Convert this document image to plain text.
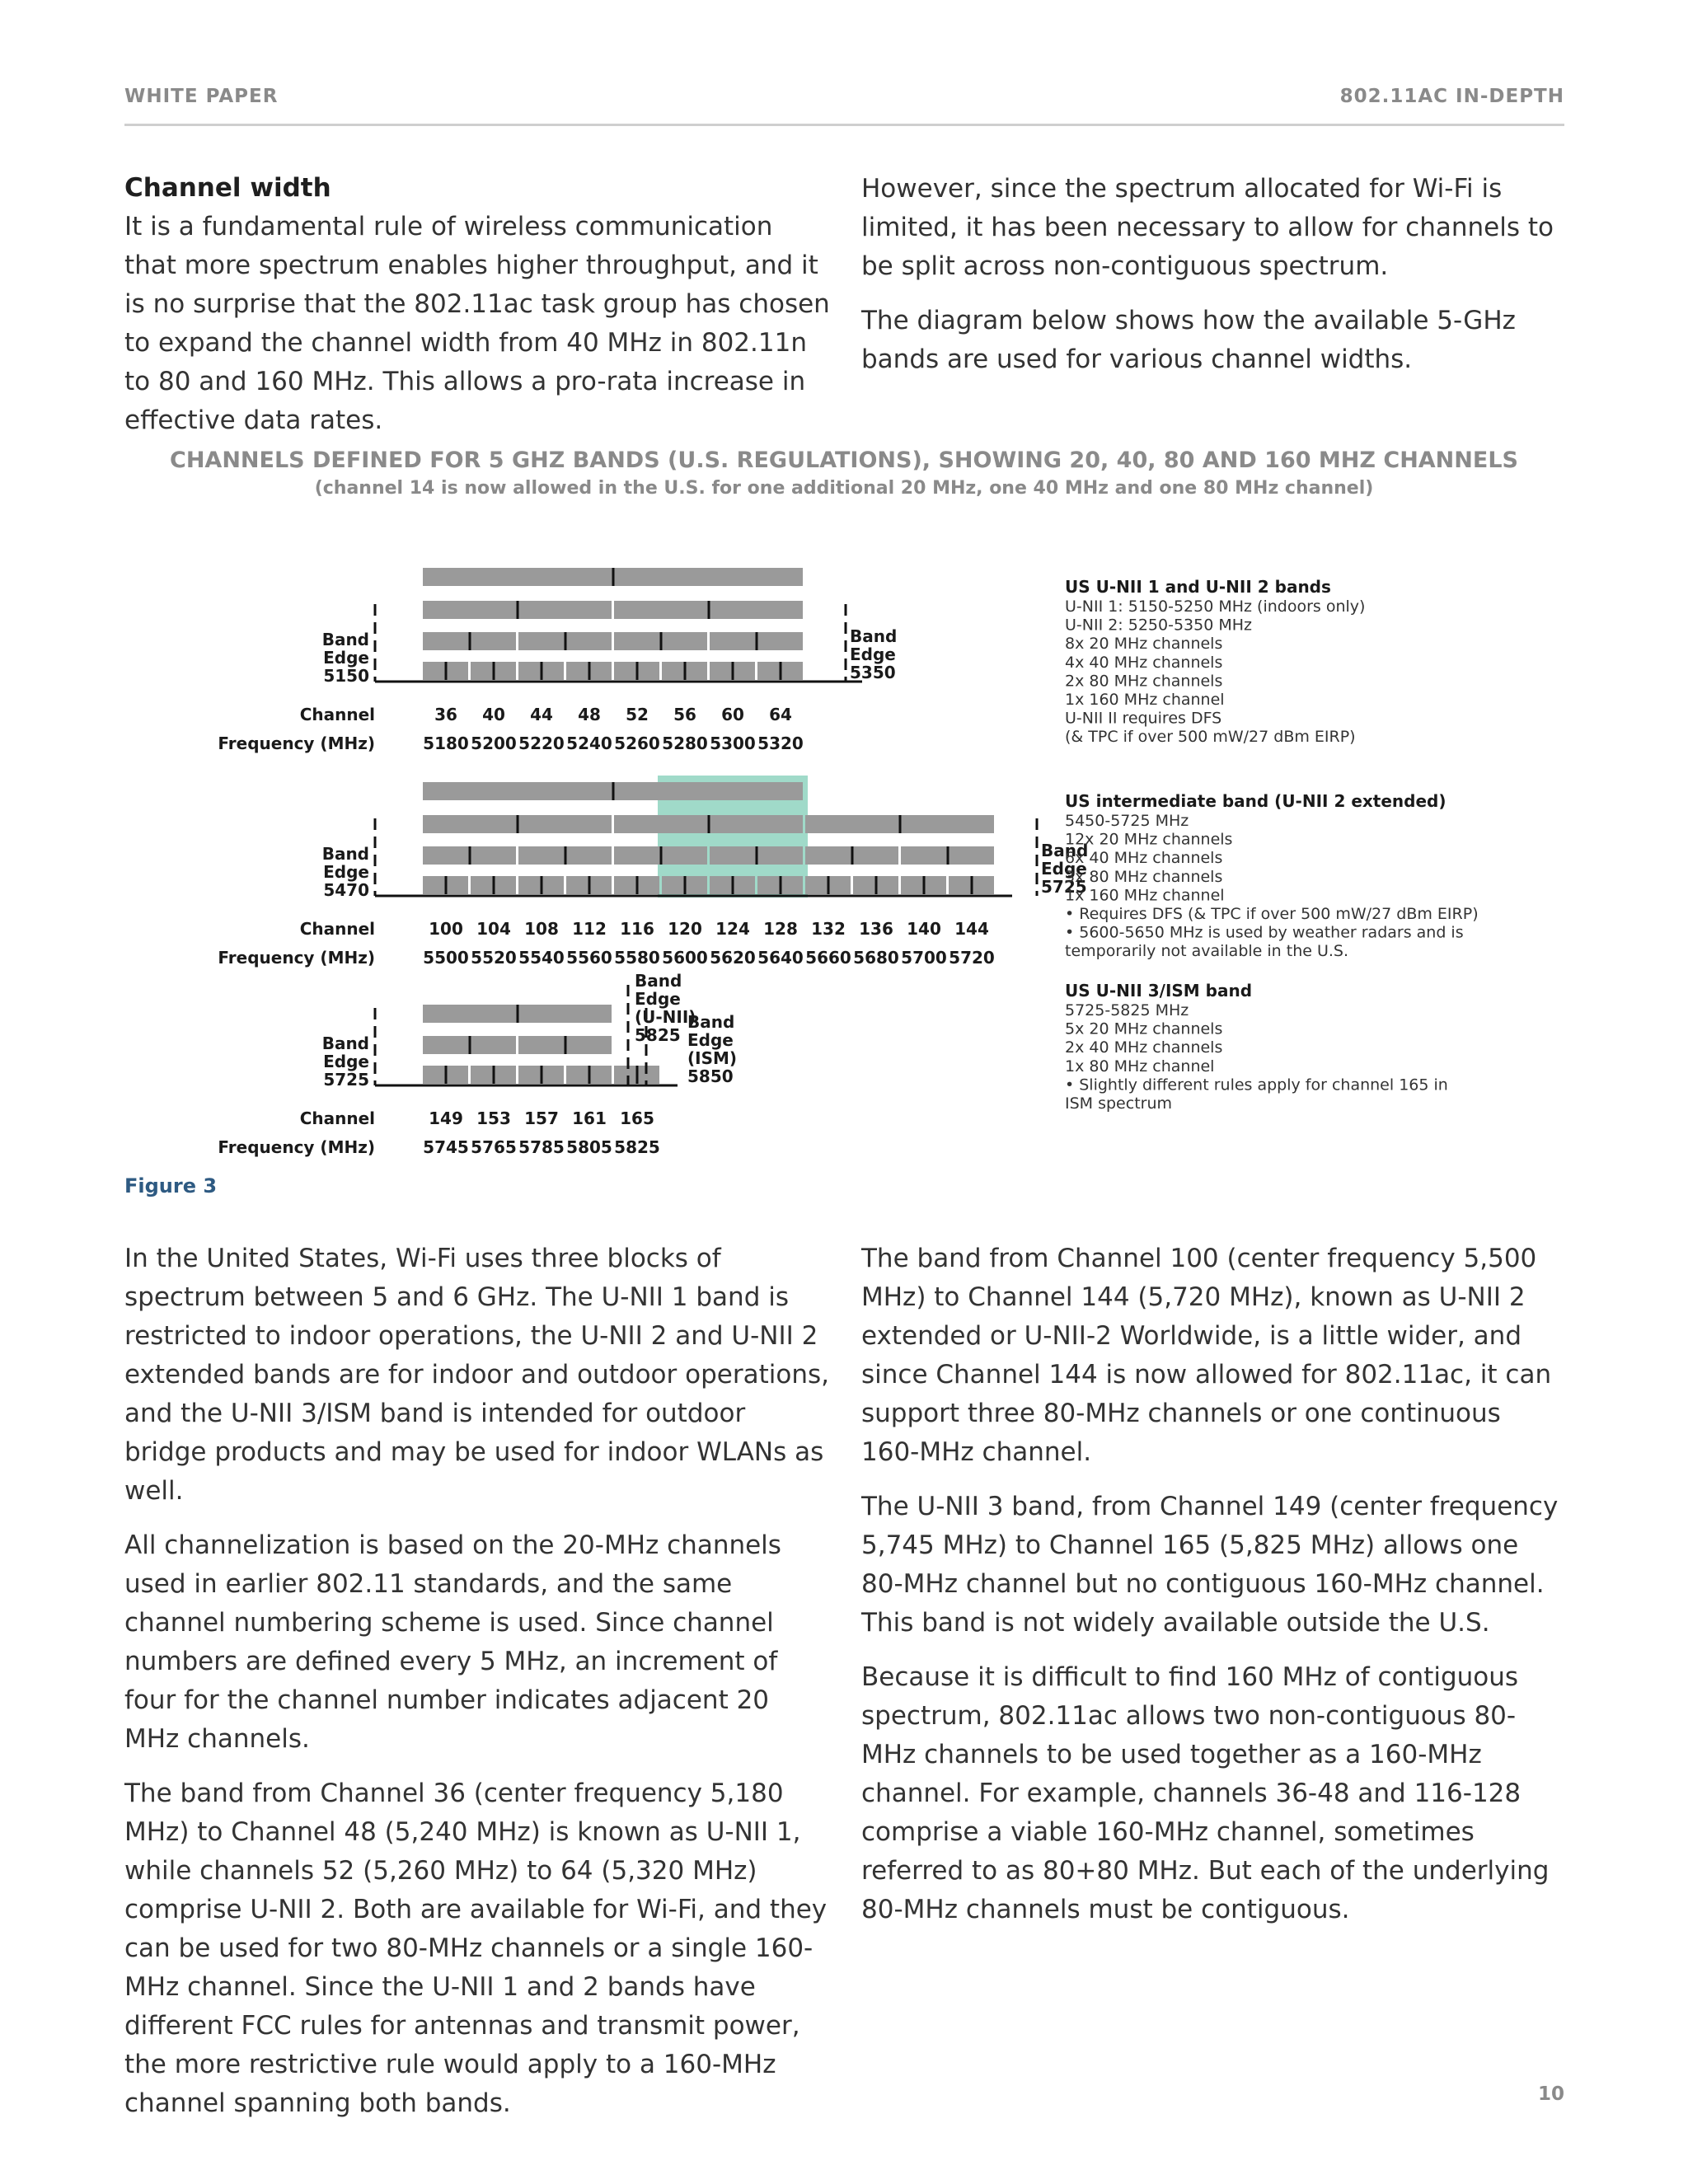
WHITE PAPER	802.11AC IN-DEPTH
Channel width

It is a fundamental rule of wireless communication that more spectrum enables higher throughput, and it is no surprise that the 802.11ac task group has chosen to expand the channel width from 40 MHz in 802.11n to 80 and 160 MHz. This allows a pro-rata increase in effective data rates.

However, since the spectrum allocated for Wi-Fi is limited, it has been necessary to allow for channels to be split across non-contiguous spectrum.

The diagram below shows how the available 5-GHz bands are used for various channel widths.

CHANNELS DEFINED FOR 5 GHZ BANDS (U.S. REGULATIONS), SHOWING 20, 40, 80 AND 160 MHZ CHANNELS
(channel 14 is now allowed in the U.S. for one additional 20 MHz, one 40 MHz and one 80 MHz channel)
Band
Edge
5150
Band
Edge
5350
Channel
Frequency (MHz)
36 40 44 48 52 56 60 64
5180 5200 5220 5240 5260 5280 5300 5320
US U-NII 1 and U-NII 2 bands
U-NII 1: 5150-5250 MHz (indoors only)
U-NII 2: 5250-5350 MHz
8x 20 MHz channels
4x 40 MHz channels
2x 80 MHz channels
1x 160 MHz channel
U-NII II requires DFS
(& TPC if over 500 mW/27 dBm EIRP)
Band
Edge
5470
Band
Edge
5725
Channel
Frequency (MHz)
100 104 108 112 116 120 124 128 132 136 140 144
5500 5520 5540 5560 5580 5600 5620 5640 5660 5680 5700 5720
US intermediate band (U-NII 2 extended)
5450-5725 MHz
12x 20 MHz channels
6x 40 MHz channels
3x 80 MHz channels
1x 160 MHz channel
• Requires DFS (& TPC if over 500 mW/27 dBm EIRP)
• 5600-5650 MHz is used by weather radars and is
temporarily not available in the U.S.
Band
Edge
5725
Band
Edge
(ISM)
5850
Band
Edge
(U-NII)
5825
Channel
Frequency (MHz)
149 153 157 161 165
5745 5765 5785 5805 5825
US U-NII 3/ISM band
5725-5825 MHz
5x 20 MHz channels
2x 40 MHz channels
1x 80 MHz channel
• Slightly different rules apply for channel 165 in
ISM spectrum
Figure 3

In the United States, Wi-Fi uses three blocks of spectrum between 5 and 6 GHz. The U-NII 1 band is restricted to indoor operations, the U-NII 2 and U-NII 2 extended bands are for indoor and outdoor operations, and the U-NII 3/ISM band is intended for outdoor bridge products and may be used for indoor WLANs as well.

All channelization is based on the 20-MHz channels used in earlier 802.11 standards, and the same channel numbering scheme is used. Since channel numbers are defined every 5 MHz, an increment of four for the channel number indicates adjacent 20 MHz channels.

The band from Channel 36 (center frequency 5,180 MHz) to Channel 48 (5,240 MHz) is known as U-NII 1, while channels 52 (5,260 MHz) to 64 (5,320 MHz) comprise U-NII 2. Both are available for Wi-Fi, and they can be used for two 80-MHz channels or a single 160-MHz channel. Since the U-NII 1 and 2 bands have different FCC rules for antennas and transmit power, the more restrictive rule would apply to a 160-MHz channel spanning both bands.

The band from Channel 100 (center frequency 5,500 MHz) to Channel 144 (5,720 MHz), known as U-NII 2 extended or U-NII-2 Worldwide, is a little wider, and since Channel 144 is now allowed for 802.11ac, it can support three 80-MHz channels or one continuous 160-MHz channel.

The U-NII 3 band, from Channel 149 (center frequency 5,745 MHz) to Channel 165 (5,825 MHz) allows one 80-MHz channel but no contiguous 160-MHz channel. This band is not widely available outside the U.S.

Because it is difficult to find 160 MHz of contiguous spectrum, 802.11ac allows two non-contiguous 80-MHz channels to be used together as a 160-MHz channel. For example, channels 36-48 and 116-128 comprise a viable 160-MHz channel, sometimes referred to as 80+80 MHz. But each of the underlying 80-MHz channels must be contiguous.

10
